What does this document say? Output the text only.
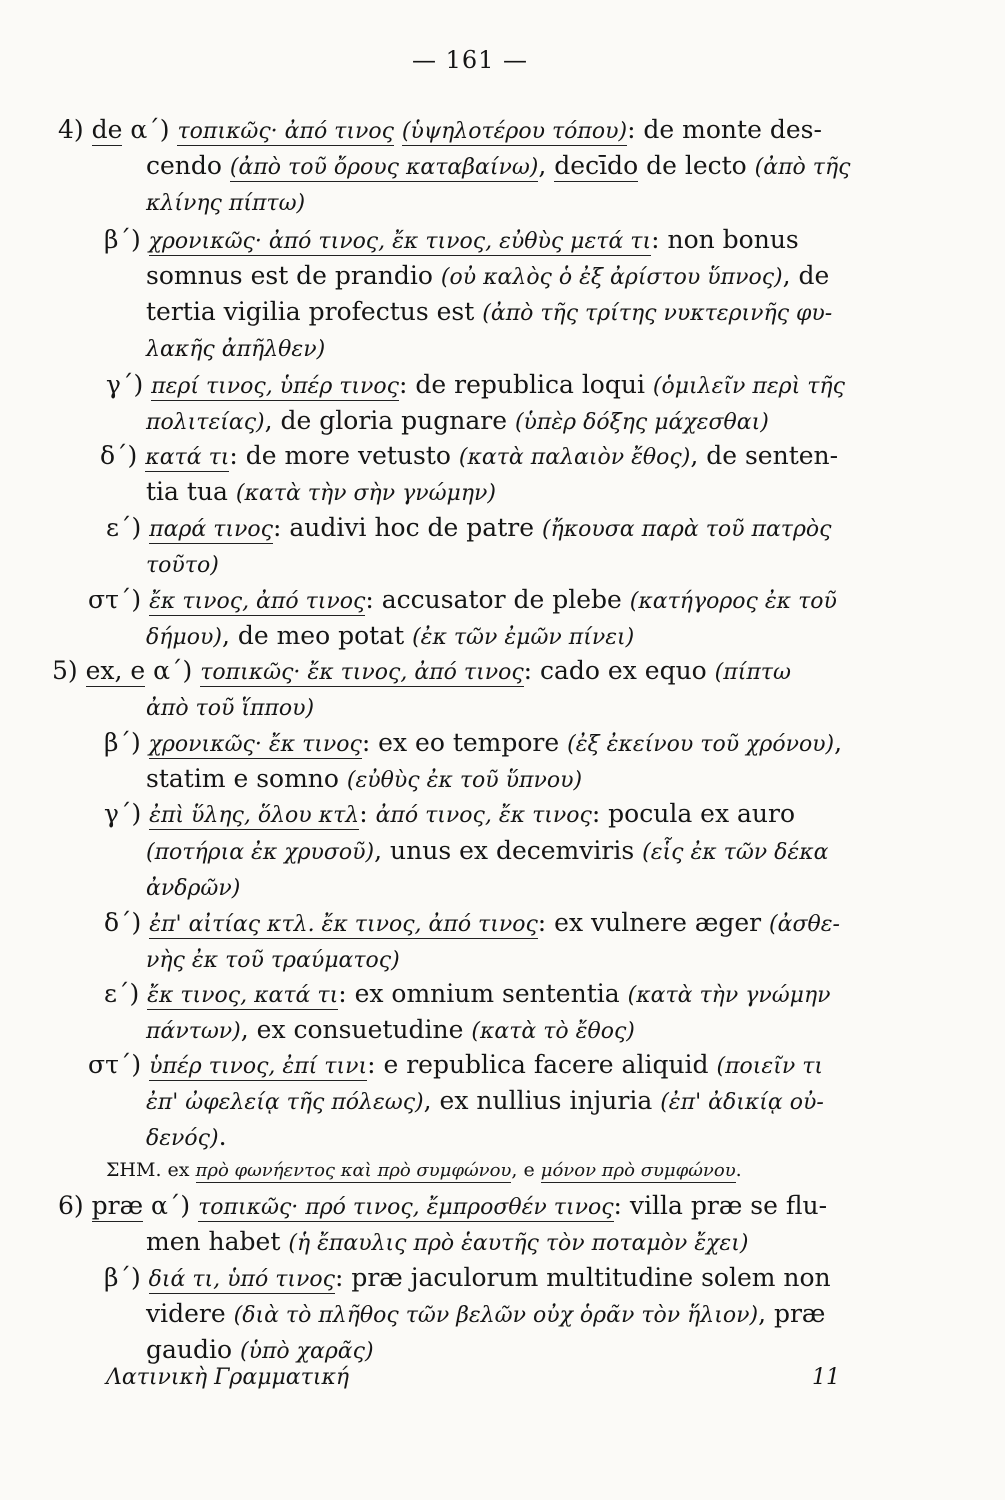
— 161 —
4) de α΄) τοπικῶς· ἀπό τινος (ὑψηλοτέρου τόπου): de monte des-
cendo (ἀπὸ τοῦ ὄρους καταβαίνω), decīdo de lecto (ἀπὸ τῆς
κλίνης πίπτω)
β΄) χρονικῶς· ἀπό τινος, ἔκ τινος, εὐθὺς μετά τι: non bonus
somnus est de prandio (οὐ καλὸς ὁ ἐξ ἀρίστου ὕπνος), de
tertia vigilia profectus est (ἀπὸ τῆς τρίτης νυκτερινῆς φυ-
λακῆς ἀπῆλθεν)
γ΄) περί τινος, ὑπέρ τινος: de republica loqui (ὁμιλεῖν περὶ τῆς
πολιτείας), de gloria pugnare (ὑπὲρ δόξης μάχεσθαι)
δ΄) κατά τι: de more vetusto (κατὰ παλαιὸν ἔθος), de senten-
tia tua (κατὰ τὴν σὴν γνώμην)
ε΄) παρά τινος: audivi hoc de patre (ἤκουσα παρὰ τοῦ πατρὸς
τοῦτο)
στ΄) ἔκ τινος, ἀπό τινος: accusator de plebe (κατήγορος ἐκ τοῦ
δήμου), de meo potat (ἐκ τῶν ἐμῶν πίνει)
5) ex, e α΄) τοπικῶς· ἔκ τινος, ἀπό τινος: cado ex equo (πίπτω
ἀπὸ τοῦ ἵππου)
β΄) χρονικῶς· ἔκ τινος: ex eo tempore (ἐξ ἐκείνου τοῦ χρόνου),
statim e somno (εὐθὺς ἐκ τοῦ ὕπνου)
γ΄) ἐπὶ ὕλης, ὅλου κτλ: ἀπό τινος, ἔκ τινος: pocula ex auro
(ποτήρια ἐκ χρυσοῦ), unus ex decemviris (εἷς ἐκ τῶν δέκα
ἀνδρῶν)
δ΄) ἐπ' αἰτίας κτλ. ἔκ τινος, ἀπό τινος: ex vulnere æger (ἀσθε-
νὴς ἐκ τοῦ τραύματος)
ε΄) ἔκ τινος, κατά τι: ex omnium sententia (κατὰ τὴν γνώμην
πάντων), ex consuetudine (κατὰ τὸ ἔθος)
στ΄) ὑπέρ τινος, ἐπί τινι: e republica facere aliquid (ποιεῖν τι
ἐπ' ὠφελείᾳ τῆς πόλεως), ex nullius injuria (ἐπ' ἀδικίᾳ οὐ-
δενός).
ΣΗΜ. ex πρὸ φωνήεντος καὶ πρὸ συμφώνου, e μόνον πρὸ συμφώνου.
6) præ α΄) τοπικῶς· πρό τινος, ἔμπροσθέν τινος: villa præ se flu-
men habet (ἡ ἔπαυλις πρὸ ἑαυτῆς τὸν ποταμὸν ἔχει)
β΄) διά τι, ὑπό τινος: præ jaculorum multitudine solem non
videre (διὰ τὸ πλῆθος τῶν βελῶν οὐχ ὁρᾶν τὸν ἥλιον), præ
gaudio (ὑπὸ χαρᾶς)
Λατινικὴ Γραμματική	11
